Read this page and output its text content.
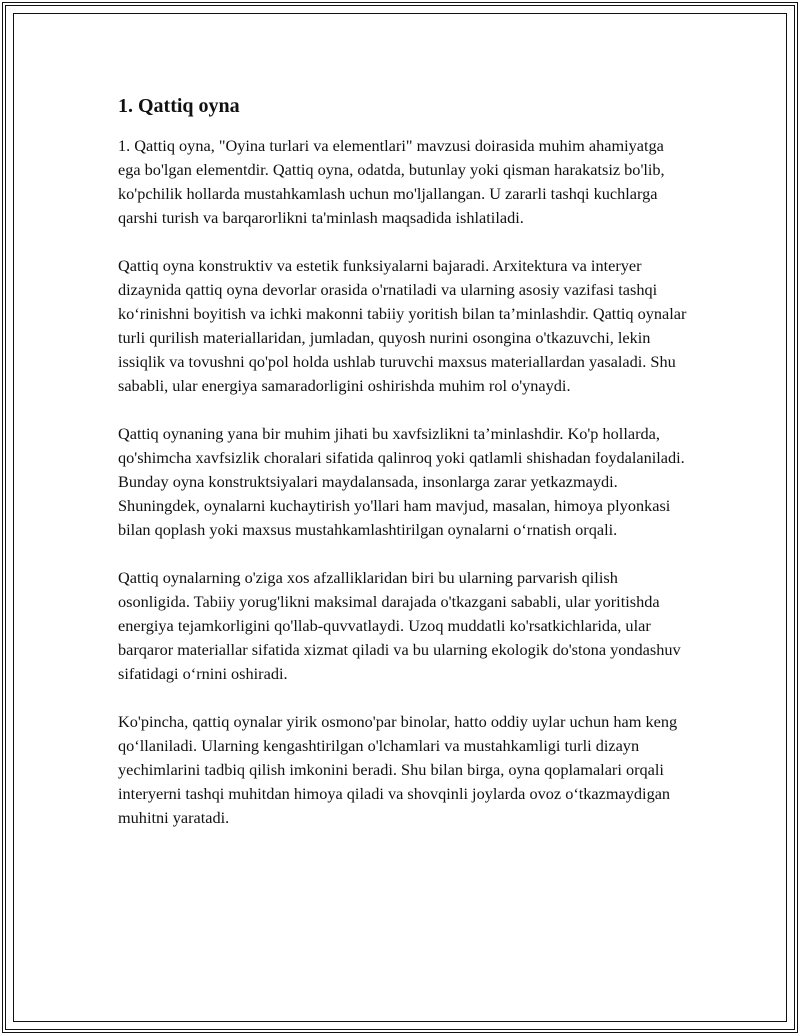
1. Qattiq oyna

1. Qattiq oyna, "Oyina turlari va elementlari" mavzusi doirasida muhim ahamiyatga ega bo'lgan elementdir. Qattiq oyna, odatda, butunlay yoki qisman harakatsiz bo'lib, ko'pchilik hollarda mustahkamlash uchun mo'ljallangan. U zararli tashqi kuchlarga qarshi turish va barqarorlikni ta'minlash maqsadida ishlatiladi.

Qattiq oyna konstruktiv va estetik funksiyalarni bajaradi. Arxitektura va interyer dizaynida qattiq oyna devorlar orasida o'rnatiladi va ularning asosiy vazifasi tashqi ko‘rinishni boyitish va ichki makonni tabiiy yoritish bilan ta’minlashdir. Qattiq oynalar turli qurilish materiallaridan, jumladan, quyosh nurini osongina o'tkazuvchi, lekin issiqlik va tovushni qo'pol holda ushlab turuvchi maxsus materiallardan yasaladi. Shu sababli, ular energiya samaradorligini oshirishda muhim rol o'ynaydi.

Qattiq oynaning yana bir muhim jihati bu xavfsizlikni ta’minlashdir. Ko'p hollarda, qo'shimcha xavfsizlik choralari sifatida qalinroq yoki qatlamli shishadan foydalaniladi. Bunday oyna konstruktsiyalari maydalansada, insonlarga zarar yetkazmaydi. Shuningdek, oynalarni kuchaytirish yo'llari ham mavjud, masalan, himoya plyonkasi bilan qoplash yoki maxsus mustahkamlashtirilgan oynalarni o‘rnatish orqali.

Qattiq oynalarning o'ziga xos afzalliklaridan biri bu ularning parvarish qilish osonligida. Tabiiy yorug'likni maksimal darajada o'tkazgani sababli, ular yoritishda energiya tejamkorligini qo'llab-quvvatlaydi. Uzoq muddatli ko'rsatkichlarida, ular barqaror materiallar sifatida xizmat qiladi va bu ularning ekologik do'stona yondashuv sifatidagi o‘rnini oshiradi.

Ko'pincha, qattiq oynalar yirik osmono'par binolar, hatto oddiy uylar uchun ham keng qo‘llaniladi. Ularning kengashtirilgan o'lchamlari va mustahkamligi turli dizayn yechimlarini tadbiq qilish imkonini beradi. Shu bilan birga, oyna qoplamalari orqali interyerni tashqi muhitdan himoya qiladi va shovqinli joylarda ovoz o‘tkazmaydigan muhitni yaratadi.
